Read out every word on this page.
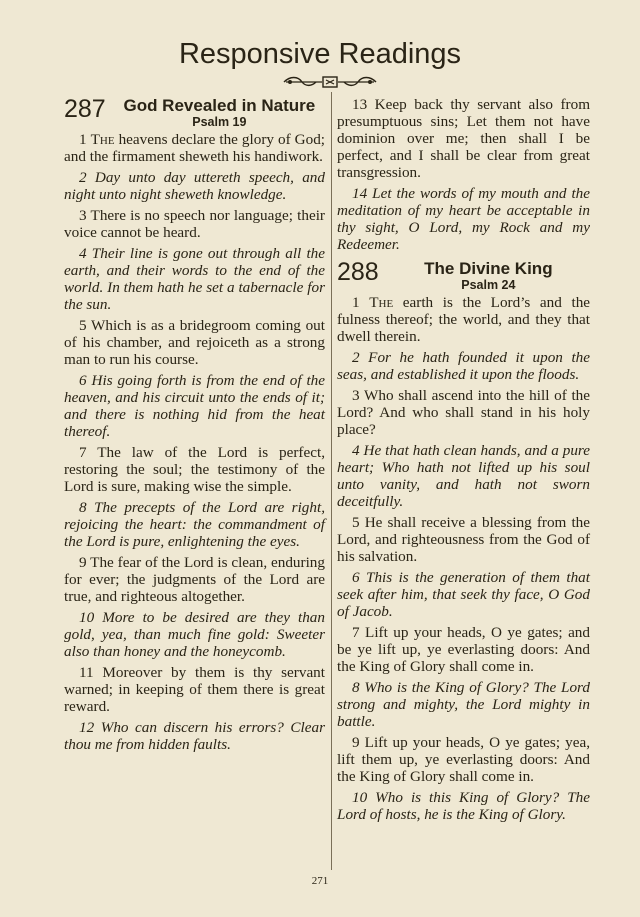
Responsive Readings
287	God Revealed in Nature
Psalm 19

1 The heavens declare the glory of God; and the firmament sheweth his handiwork.

2 Day unto day uttereth speech, and night unto night sheweth knowledge.

3 There is no speech nor language; their voice cannot be heard.

4 Their line is gone out through all the earth, and their words to the end of the world. In them hath he set a tabernacle for the sun.

5 Which is as a bridegroom coming out of his chamber, and rejoiceth as a strong man to run his course.

6 His going forth is from the end of the heaven, and his circuit unto the ends of it; and there is nothing hid from the heat thereof.

7 The law of the Lord is perfect, restoring the soul; the testimony of the Lord is sure, making wise the simple.

8 The precepts of the Lord are right, rejoicing the heart: the commandment of the Lord is pure, enlightening the eyes.

9 The fear of the Lord is clean, enduring for ever; the judgments of the Lord are true, and righteous altogether.

10 More to be desired are they than gold, yea, than much fine gold: Sweeter also than honey and the honeycomb.

11 Moreover by them is thy servant warned; in keeping of them there is great reward.

12 Who can discern his errors? Clear thou me from hidden faults.

13 Keep back thy servant also from presumptuous sins; Let them not have dominion over me; then shall I be perfect, and I shall be clear from great transgression.

14 Let the words of my mouth and the meditation of my heart be acceptable in thy sight, O Lord, my Rock and my Redeemer.

288	The Divine King
Psalm 24

1 The earth is the Lord’s and the fulness thereof; the world, and they that dwell therein.

2 For he hath founded it upon the seas, and established it upon the floods.

3 Who shall ascend into the hill of the Lord? And who shall stand in his holy place?

4 He that hath clean hands, and a pure heart; Who hath not lifted up his soul unto vanity, and hath not sworn deceitfully.

5 He shall receive a blessing from the Lord, and righteousness from the God of his salvation.

6 This is the generation of them that seek after him, that seek thy face, O God of Jacob.

7 Lift up your heads, O ye gates; and be ye lift up, ye everlasting doors: And the King of Glory shall come in.

8 Who is the King of Glory? The Lord strong and mighty, the Lord mighty in battle.

9 Lift up your heads, O ye gates; yea, lift them up, ye everlasting doors: And the King of Glory shall come in.

10 Who is this King of Glory? The Lord of hosts, he is the King of Glory.

271
